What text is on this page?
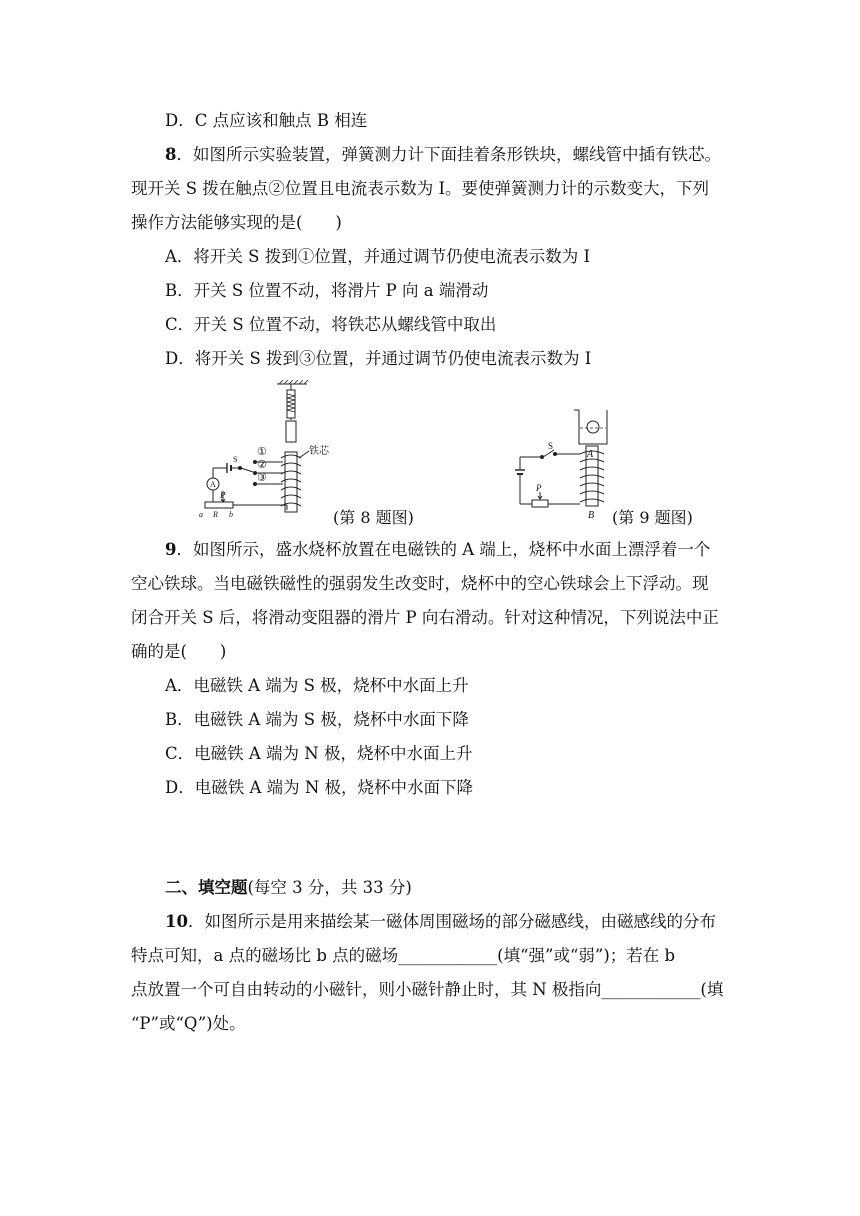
D．C 点应该和触点 B 相连
8．如图所示实验装置，弹簧测力计下面挂着条形铁块，螺线管中插有铁芯。
现开关 S 拨在触点②位置且电流表示数为 I。要使弹簧测力计的示数变大，下列
操作方法能够实现的是(　　)
A．将开关 S 拨到①位置，并通过调节仍使电流表示数为 I
B．开关 S 位置不动，将滑片 P 向 a 端滑动
C．开关 S 位置不动，将铁芯从螺线管中取出
D．将开关 S 拨到③位置，并通过调节仍使电流表示数为 I
①
②
③
铁芯
S
A
P
a R b	(第 8 题图)
S
A
P
B (第 9 题图)
9．如图所示，盛水烧杯放置在电磁铁的 A 端上，烧杯中水面上漂浮着一个
空心铁球。当电磁铁磁性的强弱发生改变时，烧杯中的空心铁球会上下浮动。现
闭合开关 S 后，将滑动变阻器的滑片 P 向右滑动。针对这种情况，下列说法中正
确的是(　　)
A．电磁铁 A 端为 S 极，烧杯中水面上升
B．电磁铁 A 端为 S 极，烧杯中水面下降
C．电磁铁 A 端为 N 极，烧杯中水面上升
D．电磁铁 A 端为 N 极，烧杯中水面下降
二、填空题(每空 3 分，共 33 分)
10．如图所示是用来描绘某一磁体周围磁场的部分磁感线，由磁感线的分布
特点可知，a 点的磁场比 b 点的磁场____________(填“强”或“弱”)；若在 b
点放置一个可自由转动的小磁针，则小磁针静止时，其 N 极指向____________(填
“P”或“Q”)处。
